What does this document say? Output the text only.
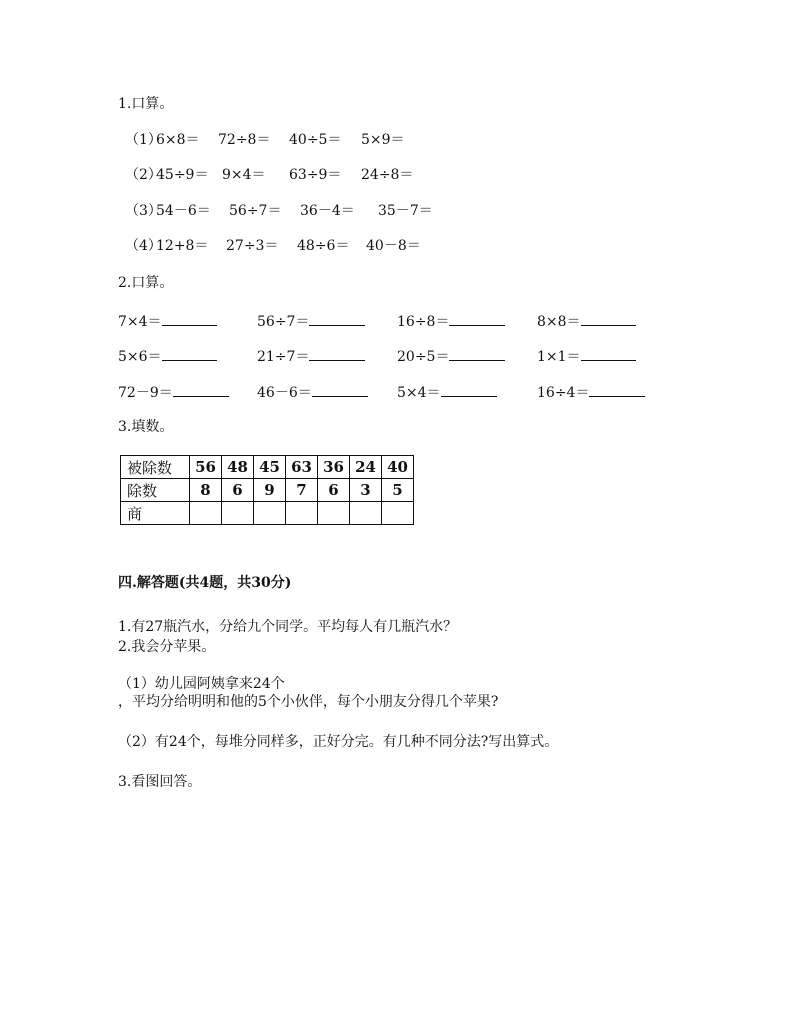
1.口算。
（1）
6×8＝ 72÷8＝ 40÷5＝ 5×9＝
（2）
45÷9＝ 9×4＝ 63÷9＝ 24÷8＝
（3）
54－6＝ 56÷7＝ 36－4＝ 35－7＝
（4）
12+8＝ 27÷3＝ 48÷6＝ 40－8＝
2.口算。
7×4＝	56÷7＝	16÷8＝	8×8＝
5×6＝	21÷7＝	20÷5＝	1×1＝
72－9＝	46－6＝	5×4＝	16÷4＝
3.填数。
被除数	56	48	45	63	36	24	40
除数	8	6	9	7	6	3	5
商							
四.解答题(共4题，共30分)
1.有27瓶汽水，分给九个同学。平均每人有几瓶汽水？
2.我会分苹果。
（1）幼儿园阿姨拿来24个
，平均分给明明和他的5个小伙伴，每个小朋友分得几个苹果?
（2）有24个，每堆分同样多，正好分完。有几种不同分法?写出算式。
3.看图回答。
